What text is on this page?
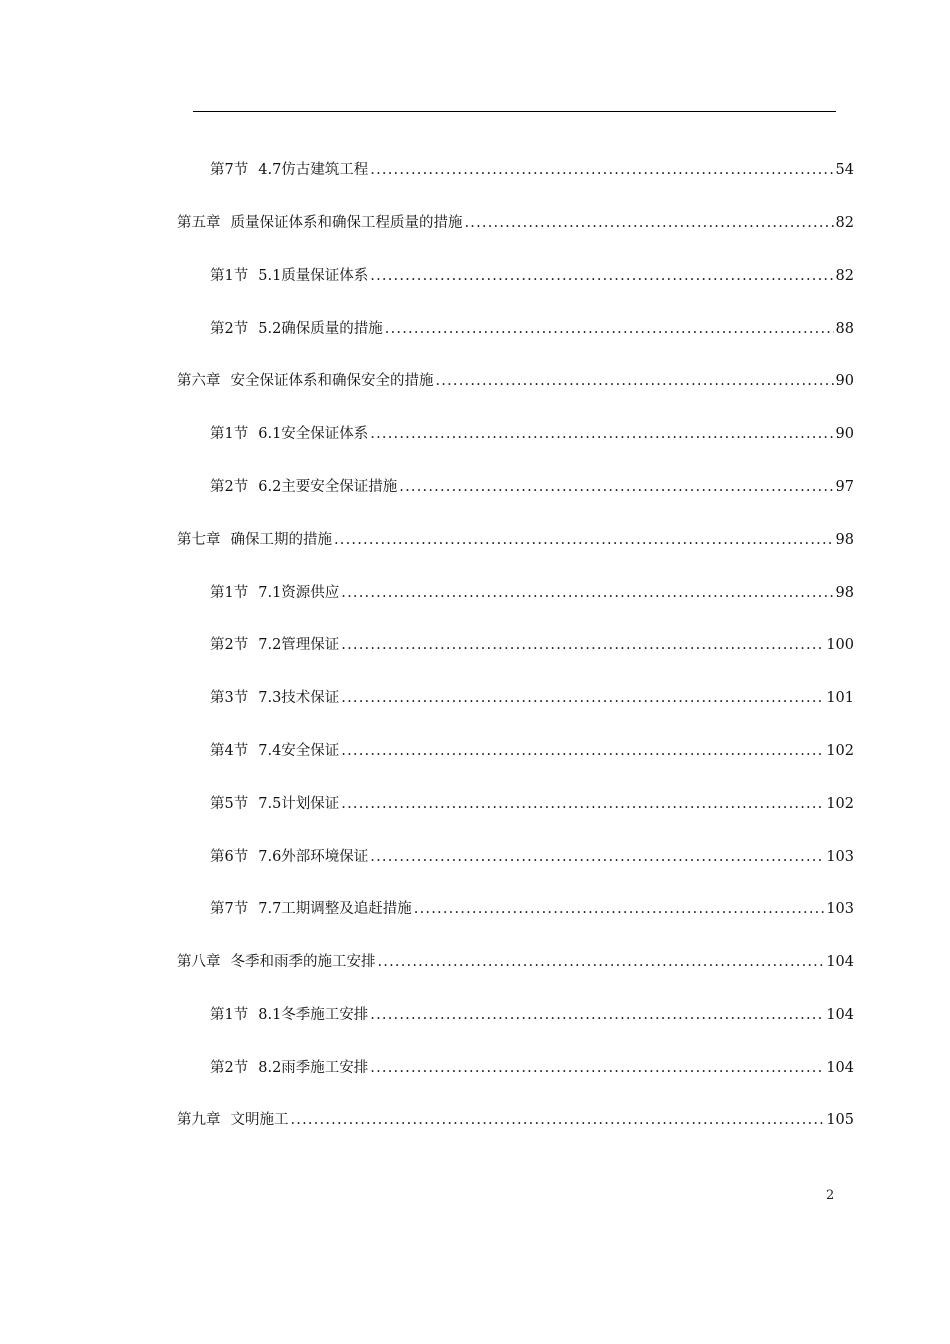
第7节 4.7仿古建筑工程 .....	54
第五章 质量保证体系和确保工程质量的措施 .....	82
第1节 5.1质量保证体系 .....	82
第2节 5.2确保质量的措施 .....	88
第六章 安全保证体系和确保安全的措施 .....	90
第1节 6.1安全保证体系 .....	90
第2节 6.2主要安全保证措施 .....	97
第七章 确保工期的措施 .....	98
第1节 7.1资源供应 .....	98
第2节 7.2管理保证 .....	100
第3节 7.3技术保证 .....	101
第4节 7.4安全保证 .....	102
第5节 7.5计划保证 .....	102
第6节 7.6外部环境保证 .....	103
第7节 7.7工期调整及追赶措施 .....	103
第八章 冬季和雨季的施工安排 .....	104
第1节 8.1冬季施工安排 .....	104
第2节 8.2雨季施工安排 .....	104
第九章 文明施工 .....	105
2
